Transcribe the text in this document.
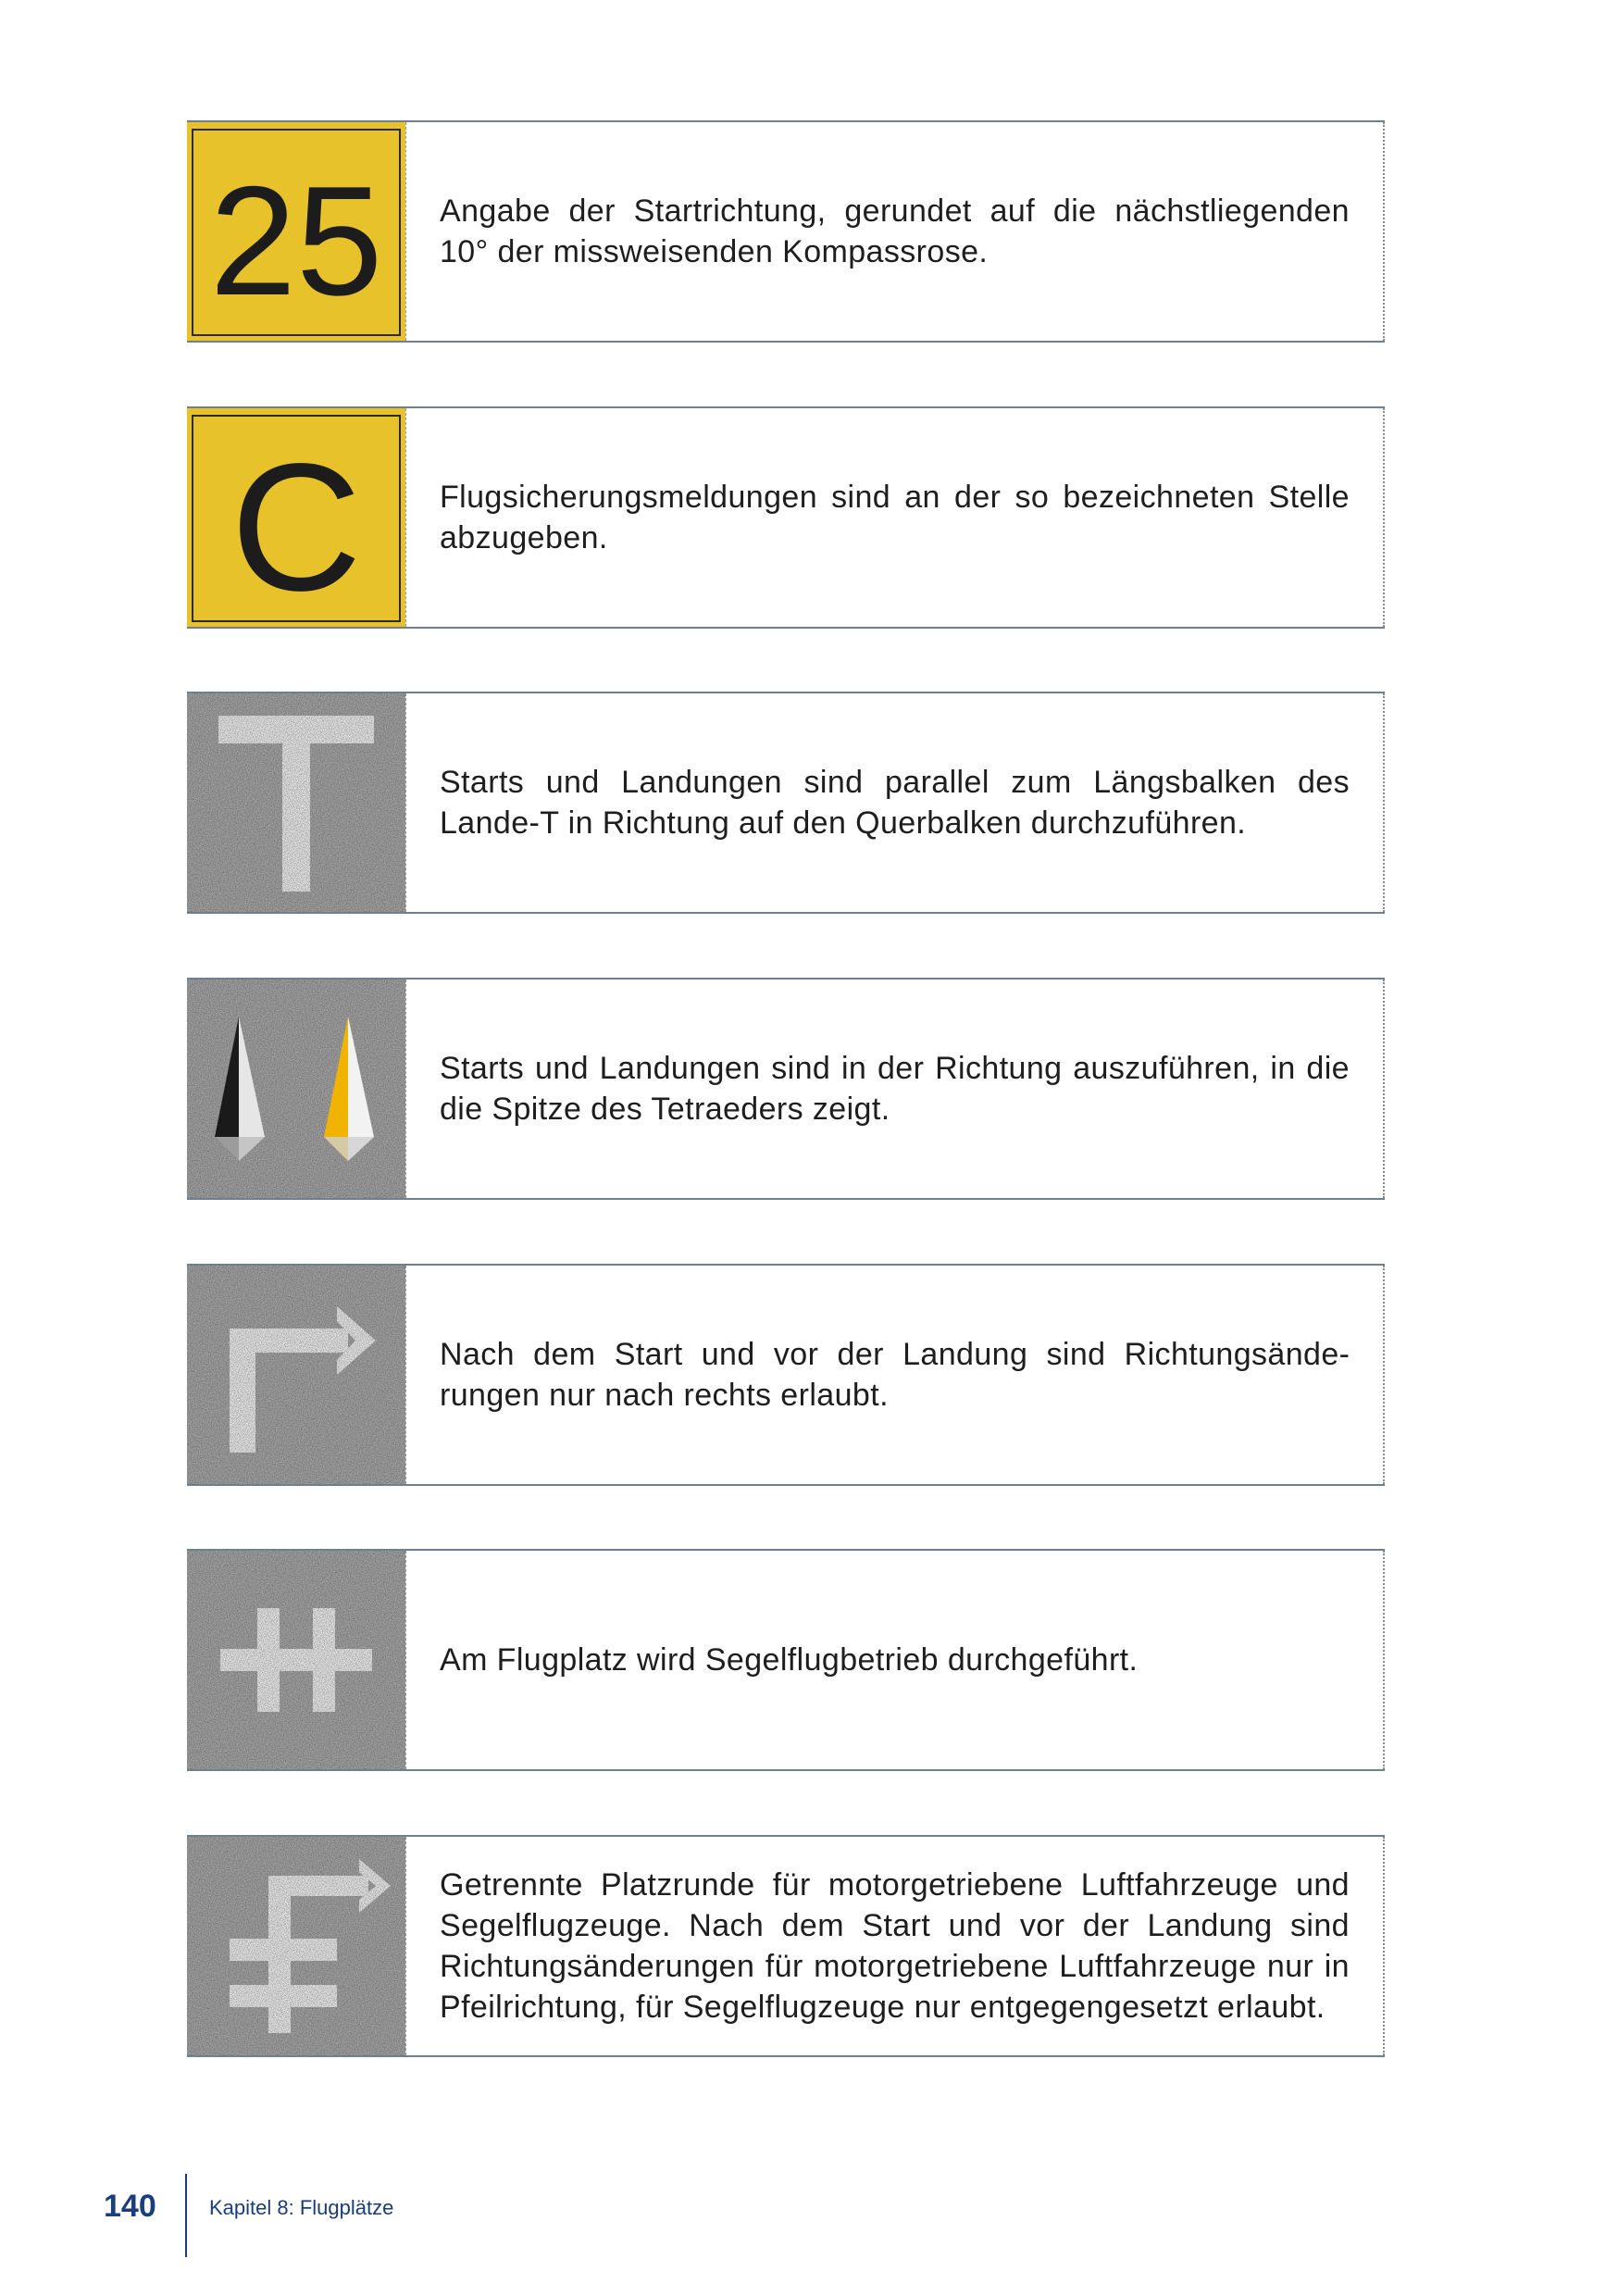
25 Angabe der Startrichtung, gerundet auf die nächstliegenden 10° der missweisenden Kompassrose.

C Flugsicherungsmeldungen sind an der so bezeichneten Stelle abzugeben.

Starts und Landungen sind parallel zum Längsbalken des Lande-T in Richtung auf den Querbalken durchzuführen.

Starts und Landungen sind in der Richtung auszuführen, in die die Spitze des Tetraeders zeigt.

Nach dem Start und vor der Landung sind Richtungsänderungen nur nach rechts erlaubt.

Am Flugplatz wird Segelflugbetrieb durchgeführt.

Getrennte Platzrunde für motorgetriebene Luftfahrzeuge und Segelflugzeuge. Nach dem Start und vor der Landung sind Richtungsänderungen für motorgetriebene Luftfahrzeuge nur in Pfeilrichtung, für Segelflugzeuge nur entgegengesetzt erlaubt.

140	Kapitel 8: Flugplätze
